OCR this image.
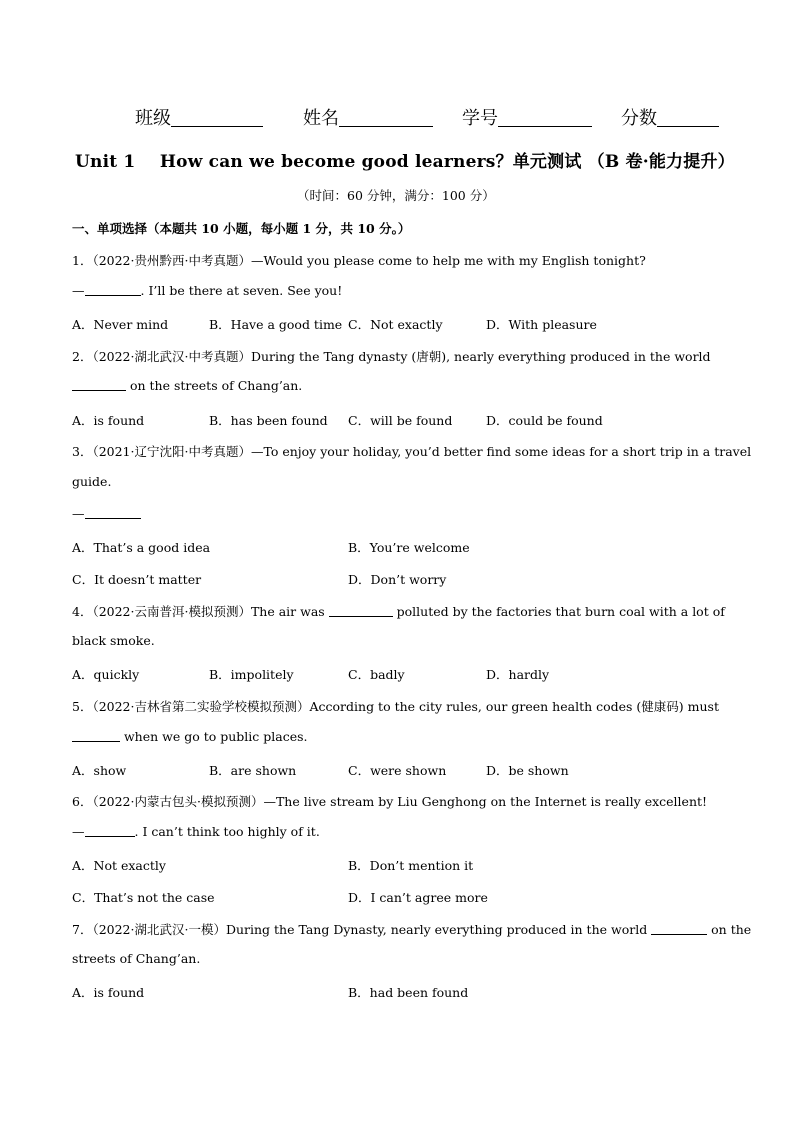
班级	姓名	学号	分数
Unit 1    How can we become good learners？单元测试 （B 卷·能力提升）
（时间：60 分钟，满分：100 分）
一、单项选择（本题共 10 小题，每小题 1 分，共 10 分。）
1．（2022·贵州黔西·中考真题）—Would you please come to help me with my English tonight?
—	. I’ll be there at seven. See you!
A．Never mind	B．Have a good time C．Not exactly	D．With pleasure
2．（2022·湖北武汉·中考真题）During the Tang dynasty (唐朝), nearly everything produced in the world
on the streets of Chang’an.
A．is found	B．has been found C．will be found	D．could be found
3．（2021·辽宁沈阳·中考真题）—To enjoy your holiday, you’d better find some ideas for a short trip in a travel
guide.
—
A．That’s a good idea	B．You’re welcome
C．It doesn’t matter	D．Don’t worry
4．（2022·云南普洱·模拟预测）The air was	polluted by the factories that burn coal with a lot of
black smoke.
A．quickly	B．impolitely	C．badly	D．hardly
5．（2022·吉林省第二实验学校模拟预测）According to the city rules, our green health codes (健康码) must
when we go to public places.
A．show	B．are shown	C．were shown	D．be shown
6．（2022·内蒙古包头·模拟预测）—The live stream by Liu Genghong on the Internet is really excellent!
—	. I can’t think too highly of it.
A．Not exactly	B．Don’t mention it
C．That’s not the case	D．I can’t agree more
7．（2022·湖北武汉·一模）During the Tang Dynasty, nearly everything produced in the world	on the
streets of Chang’an.
A．is found	B．had been found
